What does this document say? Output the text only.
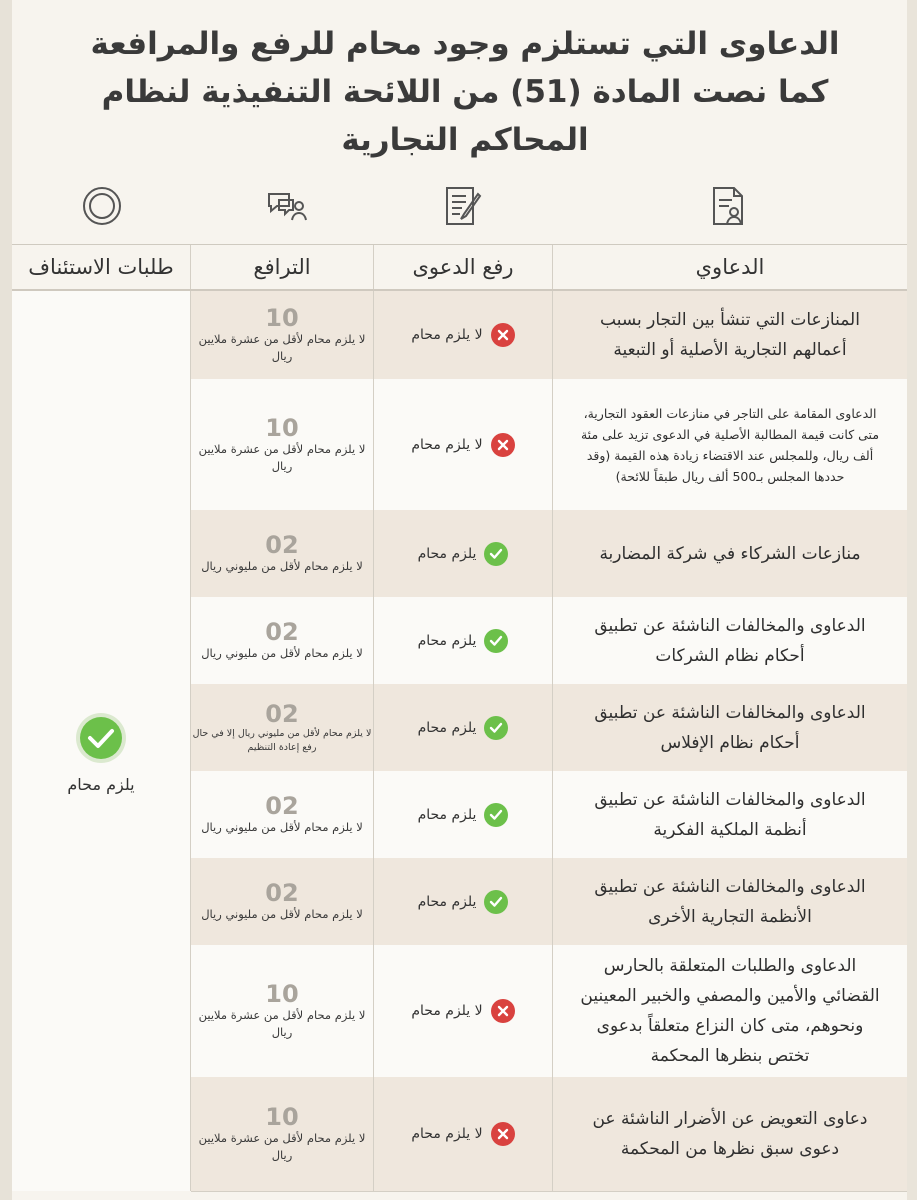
الدعاوى التي تستلزم وجود محام للرفع والمرافعة
كما نصت المادة (51) من اللائحة التنفيذية لنظام
المحاكم التجارية
الدعاوي
رفع الدعوى
الترافع
طلبات الاستئناف
يلزم محام
10
لا يلزم محام لأقل من عشرة ملايين ريال
لا يلزم محام
المنازعات التي تنشأ بين التجار بسبب أعمالهم التجارية الأصلية أو التبعية
10
لا يلزم محام لأقل من عشرة ملايين ريال
لا يلزم محام
الدعاوى المقامة على التاجر في منازعات العقود التجارية، متى كانت قيمة المطالبة الأصلية في الدعوى تزيد على مئة ألف ريال، وللمجلس عند الاقتضاء زيادة هذه القيمة (وقد حددها المجلس بـ500 ألف ريال طبقاً للائحة)
02
لا يلزم محام لأقل من مليوني ريال
يلزم محام	منازعات الشركاء في شركة المضاربة
02
لا يلزم محام لأقل من مليوني ريال
يلزم محام
الدعاوى والمخالفات الناشئة عن تطبيق أحكام نظام الشركات
02
لا يلزم محام لأقل من مليوني ريال إلا في حال رفع إعادة التنظيم
يلزم محام
الدعاوى والمخالفات الناشئة عن تطبيق أحكام نظام الإفلاس
02
لا يلزم محام لأقل من مليوني ريال
يلزم محام
الدعاوى والمخالفات الناشئة عن تطبيق أنظمة الملكية الفكرية
02
لا يلزم محام لأقل من مليوني ريال
يلزم محام
الدعاوى والمخالفات الناشئة عن تطبيق الأنظمة التجارية الأخرى
10
لا يلزم محام لأقل من عشرة ملايين ريال
لا يلزم محام
الدعاوى والطلبات المتعلقة بالحارس القضائي والأمين والمصفي والخبير المعينين ونحوهم، متى كان النزاع متعلقاً بدعوى تختص بنظرها المحكمة
10
لا يلزم محام لأقل من عشرة ملايين ريال
لا يلزم محام
دعاوى التعويض عن الأضرار الناشئة عن دعوى سبق نظرها من المحكمة
